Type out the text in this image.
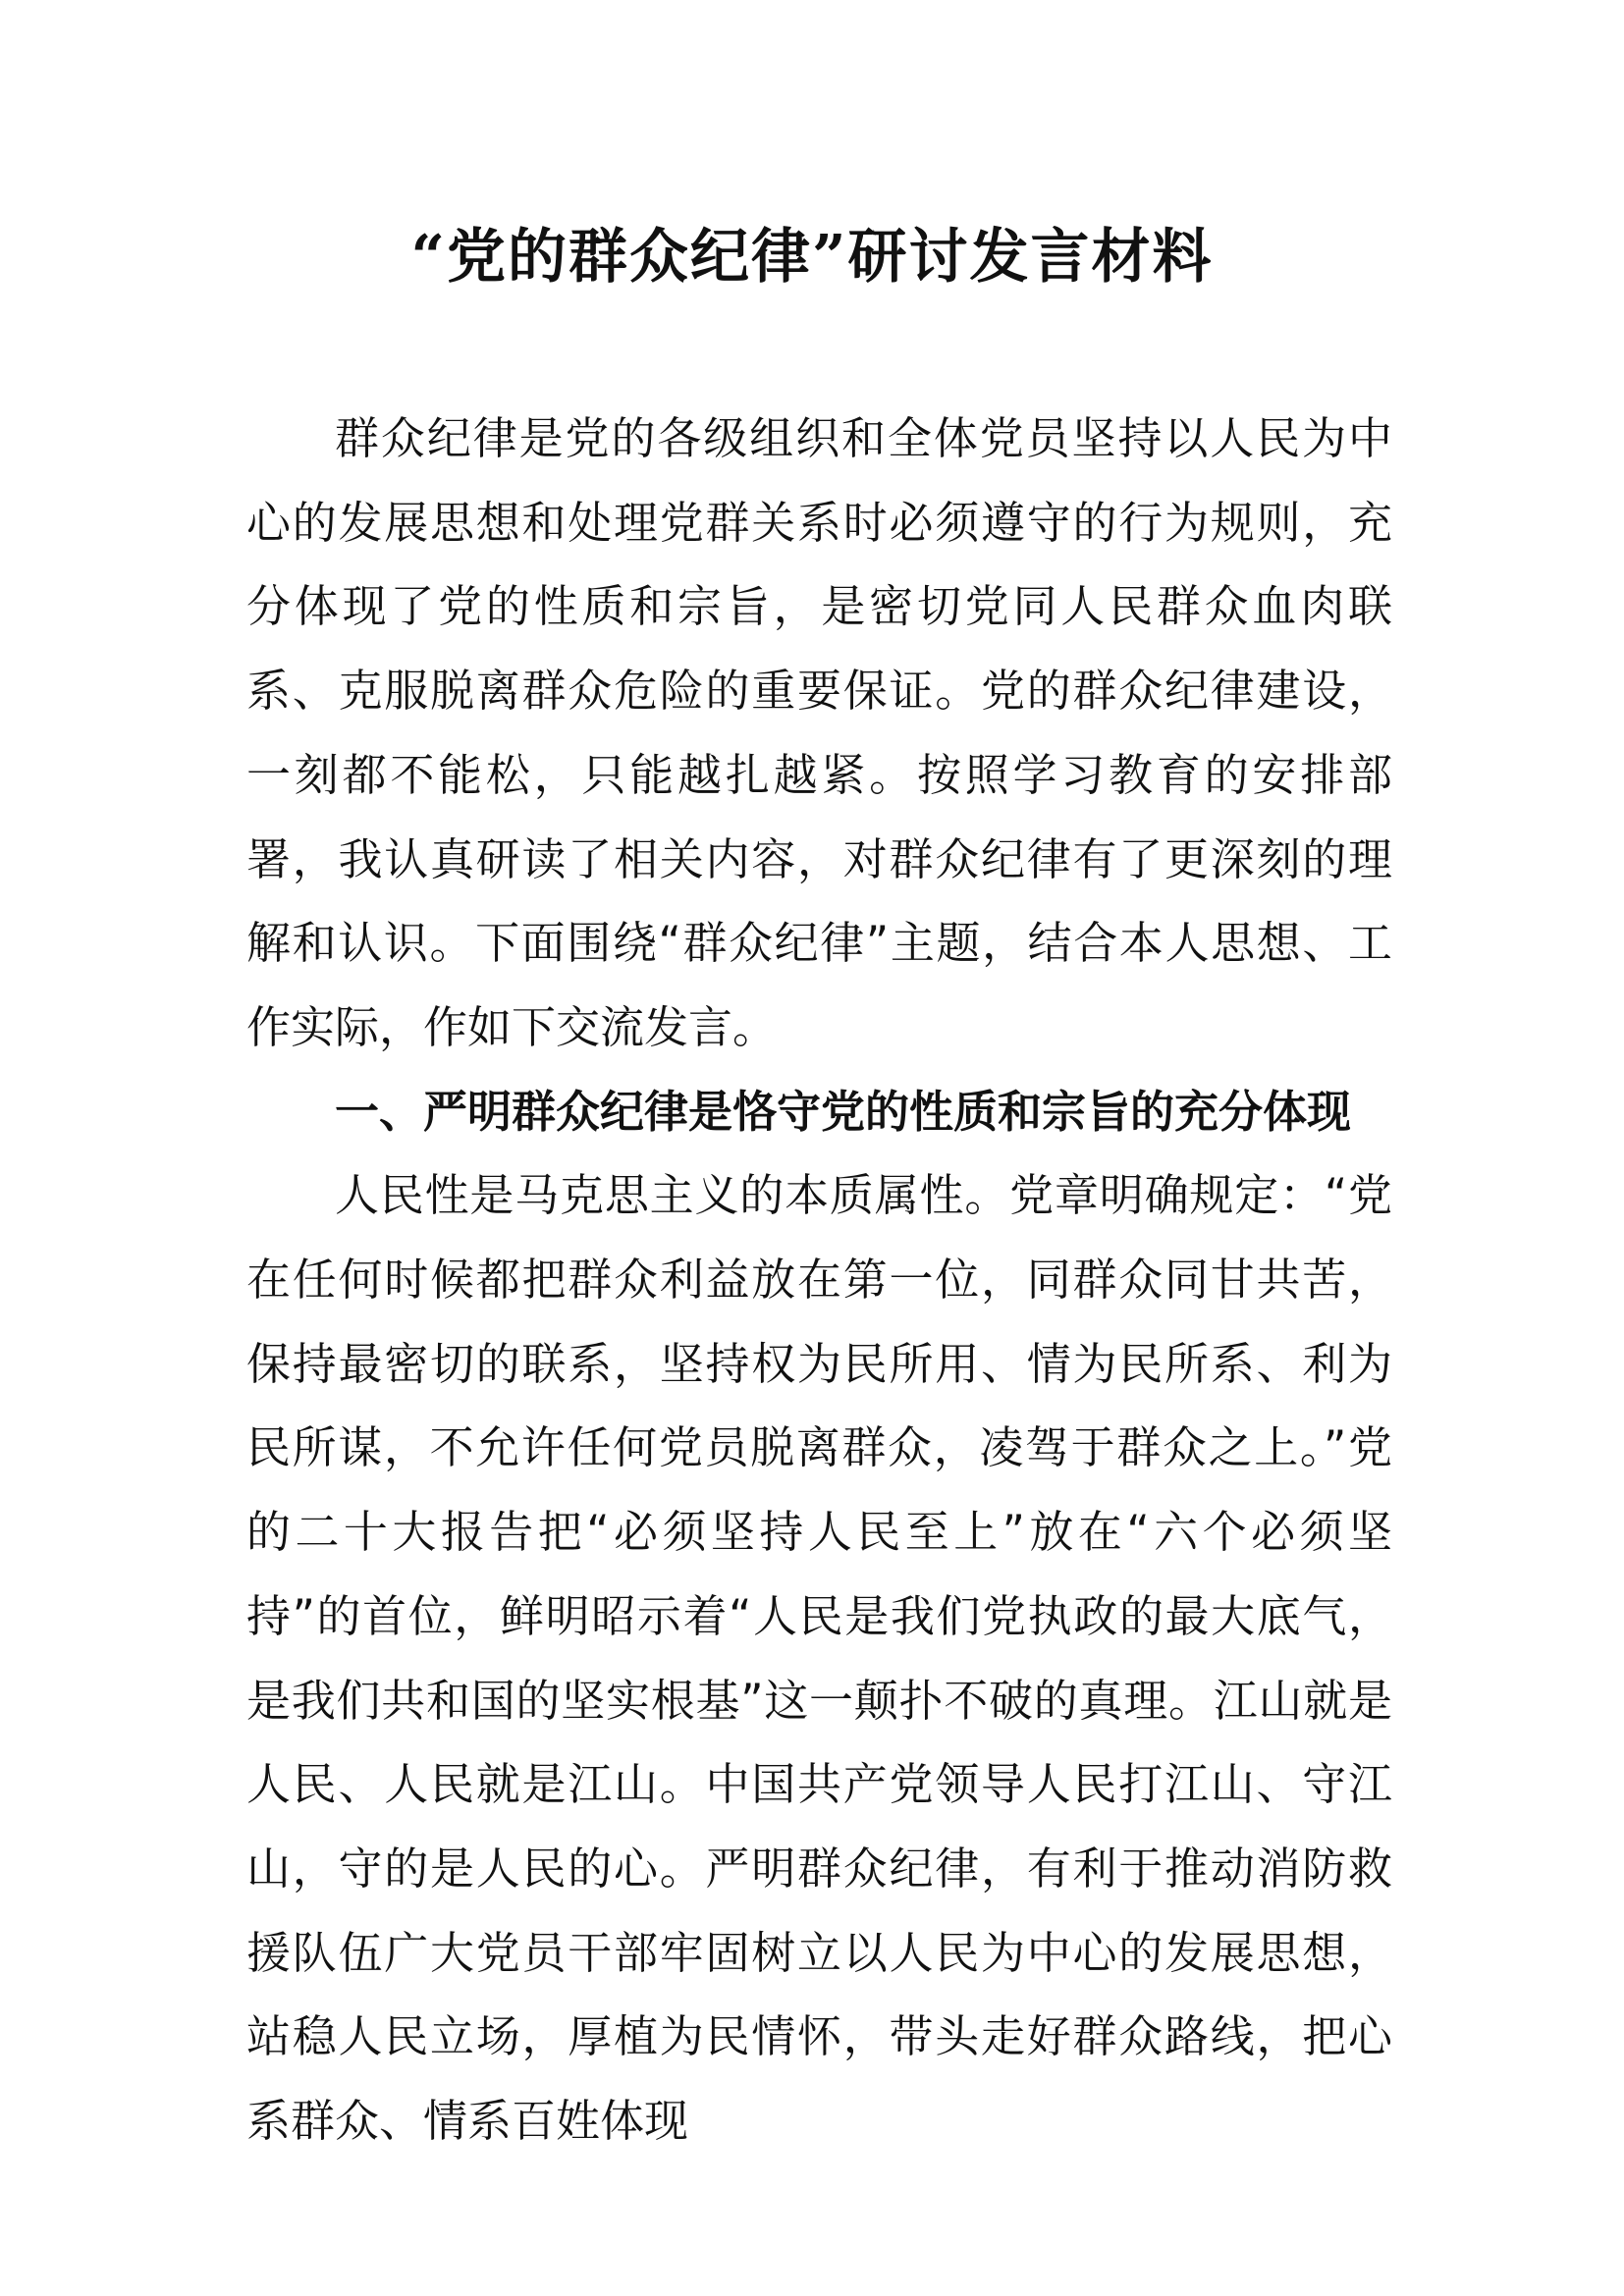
“党的群众纪律”研讨发言材料

群众纪律是党的各级组织和全体党员坚持以人民为中心的发展思想和处理党群关系时必须遵守的行为规则，充分体现了党的性质和宗旨，是密切党同人民群众血肉联系、克服脱离群众危险的重要保证。党的群众纪律建设，一刻都不能松，只能越扎越紧。按照学习教育的安排部署，我认真研读了相关内容，对群众纪律有了更深刻的理解和认识。下面围绕“群众纪律”主题，结合本人思想、工作实际，作如下交流发言。

一、严明群众纪律是恪守党的性质和宗旨的充分体现

人民性是马克思主义的本质属性。党章明确规定：“党在任何时候都把群众利益放在第一位，同群众同甘共苦，保持最密切的联系，坚持权为民所用、情为民所系、利为民所谋，不允许任何党员脱离群众，凌驾于群众之上。”党的二十大报告把“必须坚持人民至上”放在“六个必须坚持”的首位，鲜明昭示着“人民是我们党执政的最大底气，是我们共和国的坚实根基”这一颠扑不破的真理。江山就是人民、人民就是江山。中国共产党领导人民打江山、守江山，守的是人民的心。严明群众纪律，有利于推动消防救援队伍广大党员干部牢固树立以人民为中心的发展思想，站稳人民立场，厚植为民情怀，带头走好群众路线，把心系群众、情系百姓体现
